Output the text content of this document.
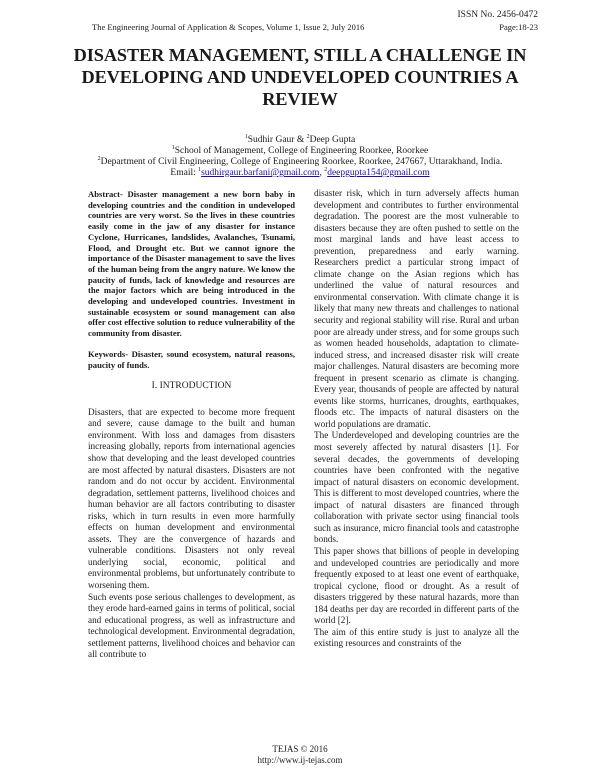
ISSN No. 2456-0472
The Engineering Journal of Application & Scopes, Volume 1, Issue 2, July 2016	Page:18-23
DISASTER MANAGEMENT, STILL A CHALLENGE IN DEVELOPING AND UNDEVELOPED COUNTRIES A REVIEW
$^1$Sudhir Gaur & $^2$Deep Gupta
$^1$School of Management, College of Engineering Roorkee, Roorkee
$^2$Department of Civil Engineering, College of Engineering Roorkee, Roorkee, 247667, Uttarakhand, India.
Email: $^1$sudhirgaur.barfani@gmail.com, $^2$deepgupta154@gmail.com

Abstract- Disaster management a new born baby in developing countries and the condition in undeveloped countries are very worst. So the lives in these countries easily come in the jaw of any disaster for instance Cyclone, Hurricanes, landslides, Avalanches, Tsunami, Flood, and Drought etc. But we cannot ignore the importance of the Disaster management to save the lives of the human being from the angry nature. We know the paucity of funds, lack of knowledge and resources are the major factors which are being introduced in the developing and undeveloped countries. Investment in sustainable ecosystem or sound management can also offer cost effective solution to reduce vulnerability of the community from disaster.

Keywords- Disaster, sound ecosystem, natural reasons, paucity of funds.

I. INTRODUCTION

Disasters, that are expected to become more frequent and severe, cause damage to the built and human environment. With loss and damages from disasters increasing globally, reports from international agencies show that developing and the least developed countries are most affected by natural disasters. Disasters are not random and do not occur by accident. Environmental degradation, settlement patterns, livelihood choices and human behavior are all factors contributing to disaster risks, which in turn results in even more harmfully effects on human development and environmental assets. They are the convergence of hazards and vulnerable conditions. Disasters not only reveal underlying social, economic, political and environmental problems, but unfortunately contribute to worsening them.

Such events pose serious challenges to development, as they erode hard-earned gains in terms of political, social and educational progress, as well as infrastructure and technological development. Environmental degradation, settlement patterns, livelihood choices and behavior can all contribute to

disaster risk, which in turn adversely affects human development and contributes to further environmental degradation. The poorest are the most vulnerable to disasters because they are often pushed to settle on the most marginal lands and have least access to prevention, preparedness and early warning. Researchers predict a particular strong impact of climate change on the Asian regions which has underlined the value of natural resources and environmental conservation. With climate change it is likely that many new threats and challenges to national security and regional stability will rise. Rural and urban poor are already under stress, and for some groups such as women headed households, adaptation to climate-induced stress, and increased disaster risk will create major challenges. Natural disasters are becoming more frequent in present scenario as climate is changing. Every year, thousands of people are affected by natural events like storms, hurricanes, droughts, earthquakes, floods etc. The impacts of natural disasters on the world populations are dramatic.

The Underdeveloped and developing countries are the most severely affected by natural disasters [1]. For several decades, the governments of developing countries have been confronted with the negative impact of natural disasters on economic development. This is different to most developed countries, where the impact of natural disasters are financed through collaboration with private sector using financial tools such as insurance, micro financial tools and catastrophe bonds.

This paper shows that billions of people in developing and undeveloped countries are periodically and more frequently exposed to at least one event of earthquake, tropical cyclone, flood or drought. As a result of disasters triggered by these natural hazards, more than 184 deaths per day are recorded in different parts of the world [2].

The aim of this entire study is just to analyze all the existing resources and constraints of the

TEJAS © 2016
http://www.ij-tejas.com
